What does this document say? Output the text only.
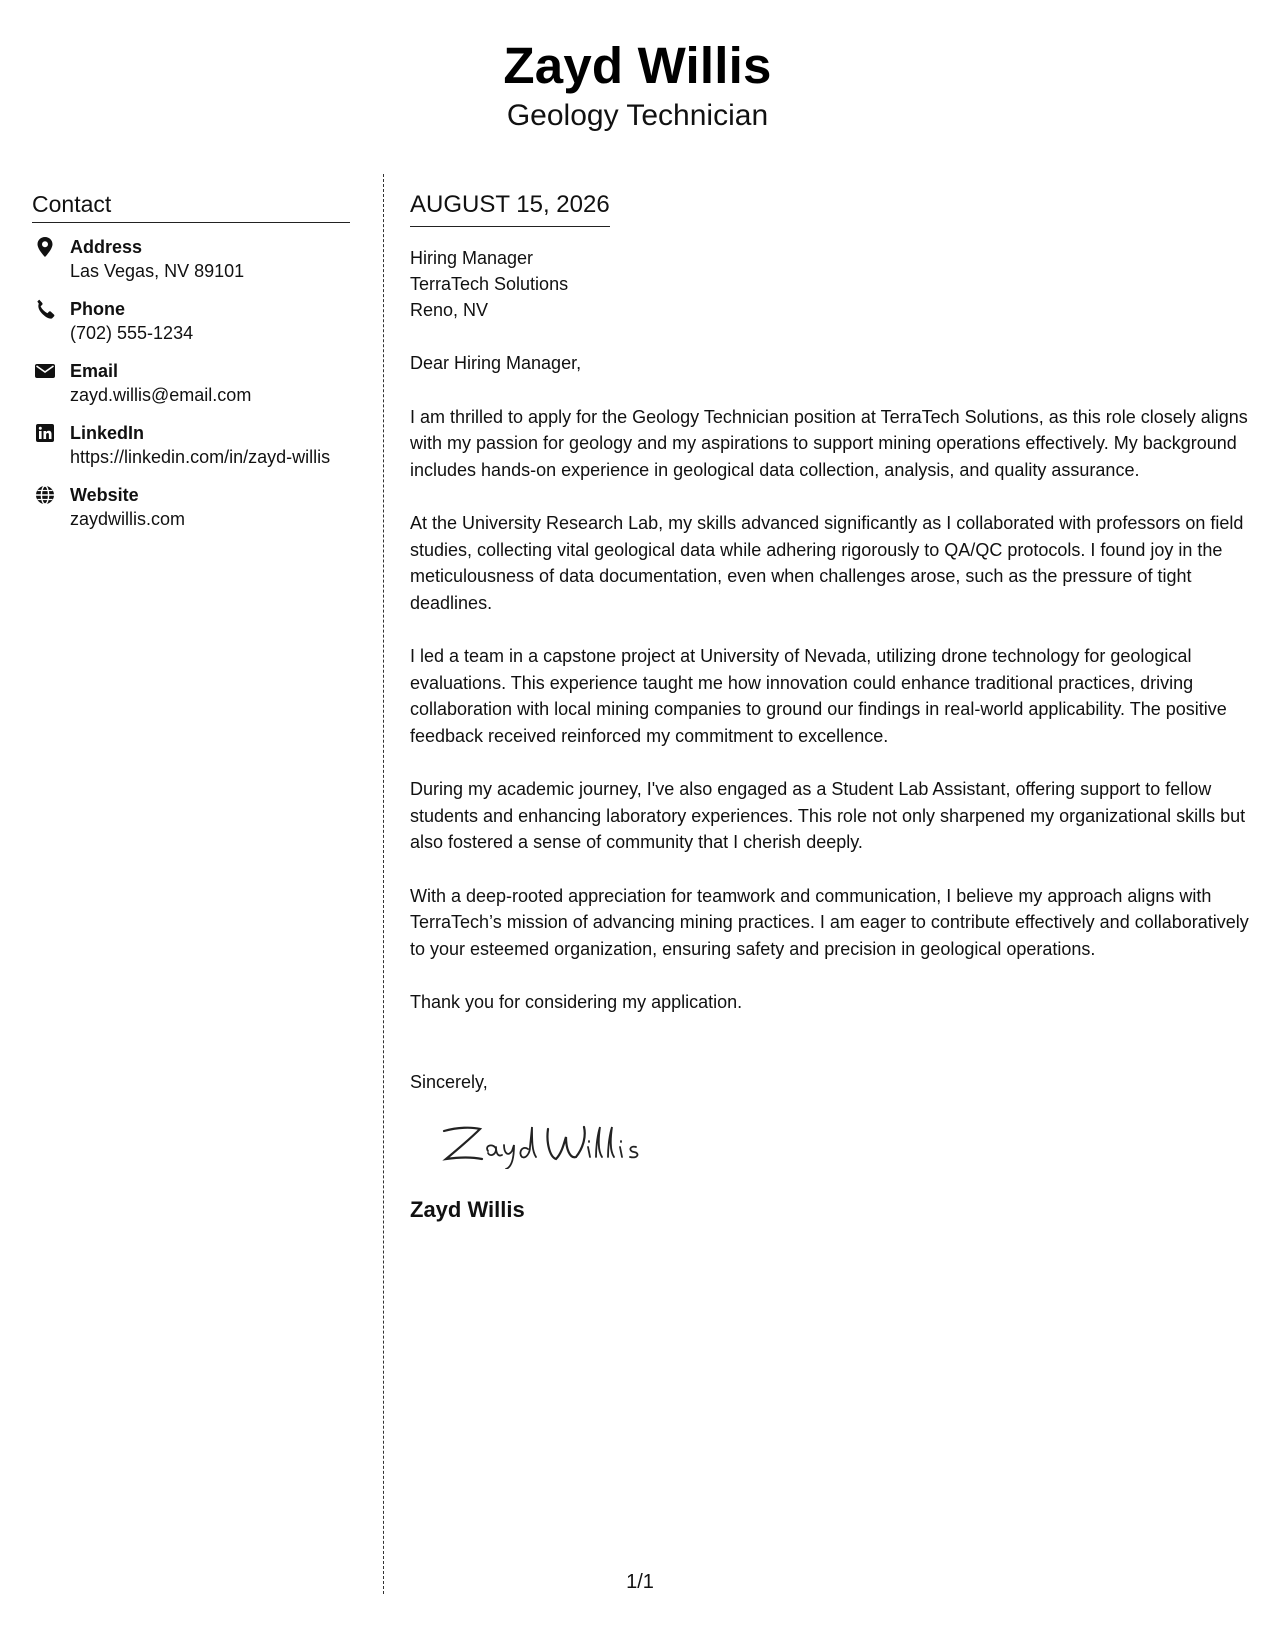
Zayd Willis
Geology Technician
Contact
Address
Las Vegas, NV 89101
Phone
(702) 555-1234
Email
zayd.willis@email.com
LinkedIn
https://linkedin.com/in/zayd-willis
Website
zaydwillis.com
AUGUST 15, 2026
Hiring Manager
TerraTech Solutions
Reno, NV
Dear Hiring Manager,
I am thrilled to apply for the Geology Technician position at TerraTech Solutions, as this role closely aligns with my passion for geology and my aspirations to support mining operations effectively. My background includes hands-on experience in geological data collection, analysis, and quality assurance.
At the University Research Lab, my skills advanced significantly as I collaborated with professors on field studies, collecting vital geological data while adhering rigorously to QA/QC protocols. I found joy in the meticulousness of data documentation, even when challenges arose, such as the pressure of tight deadlines.
I led a team in a capstone project at University of Nevada, utilizing drone technology for geological evaluations. This experience taught me how innovation could enhance traditional practices, driving collaboration with local mining companies to ground our findings in real-world applicability. The positive feedback received reinforced my commitment to excellence.
During my academic journey, I've also engaged as a Student Lab Assistant, offering support to fellow students and enhancing laboratory experiences. This role not only sharpened my organizational skills but also fostered a sense of community that I cherish deeply.
With a deep-rooted appreciation for teamwork and communication, I believe my approach aligns with TerraTech’s mission of advancing mining practices. I am eager to contribute effectively and collaboratively to your esteemed organization, ensuring safety and precision in geological operations.
Thank you for considering my application.
Sincerely,
Zayd Willis
1/1
